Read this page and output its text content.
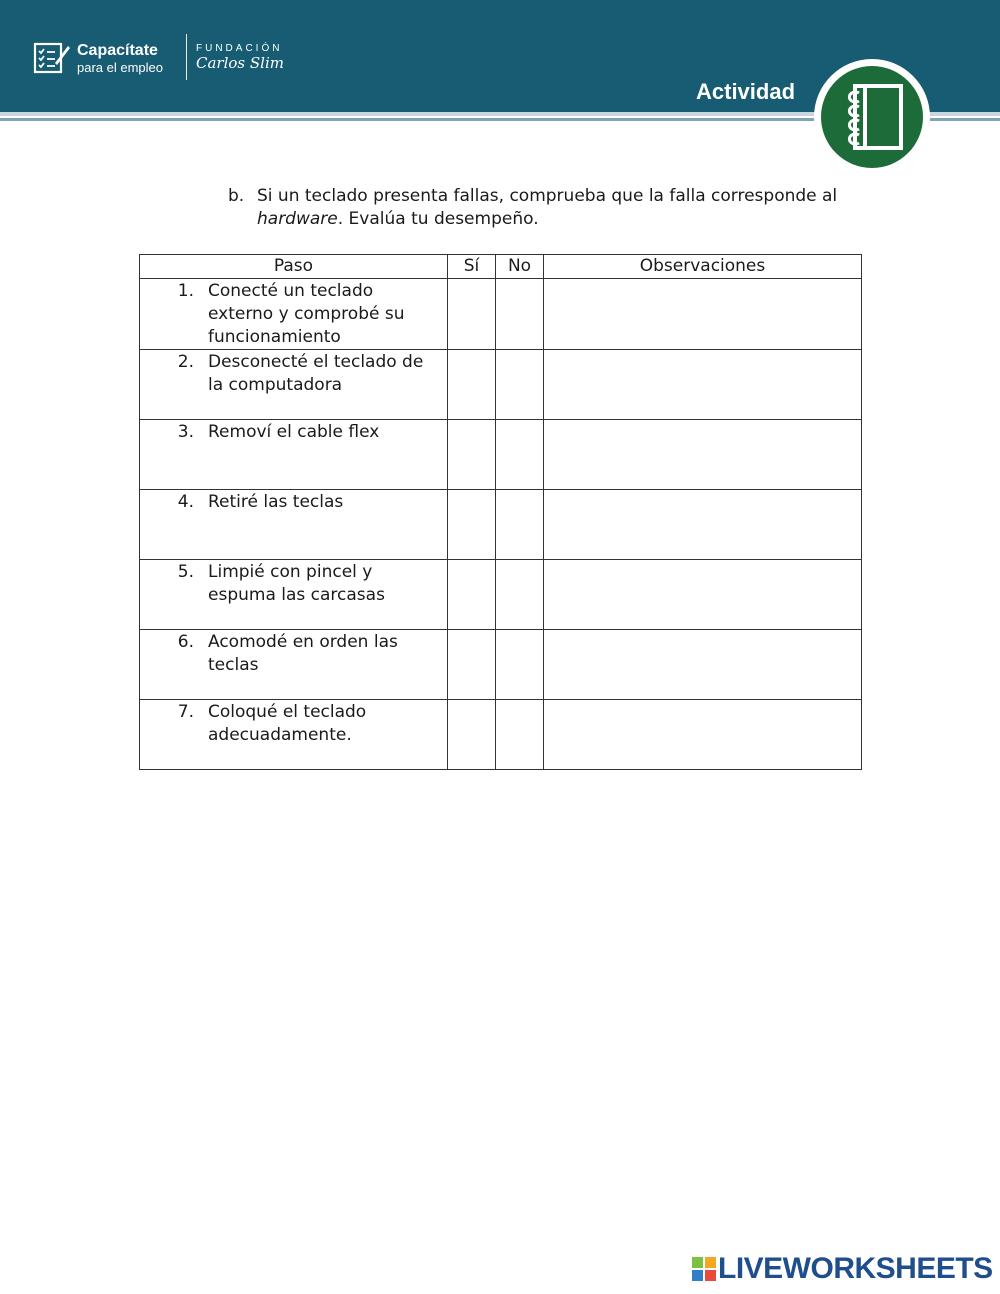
Capacítate
para el empleo
FUNDACIÓN
Carlos Slim
Actividad
b. Si un teclado presenta fallas, comprueba que la falla corresponde al hardware. Evalúa tu desempeño.
Paso	Sí	No	Observaciones

1. Conecté un teclado externo y comprobé su funcionamiento			

2. Desconecté el teclado de la computadora			

3. Removí el cable flex			

4. Retiré las teclas			

5. Limpié con pincel y espuma las carcasas			

6. Acomodé en orden las teclas			

7. Coloqué el teclado adecuadamente.			

LIVEWORKSHEETS
